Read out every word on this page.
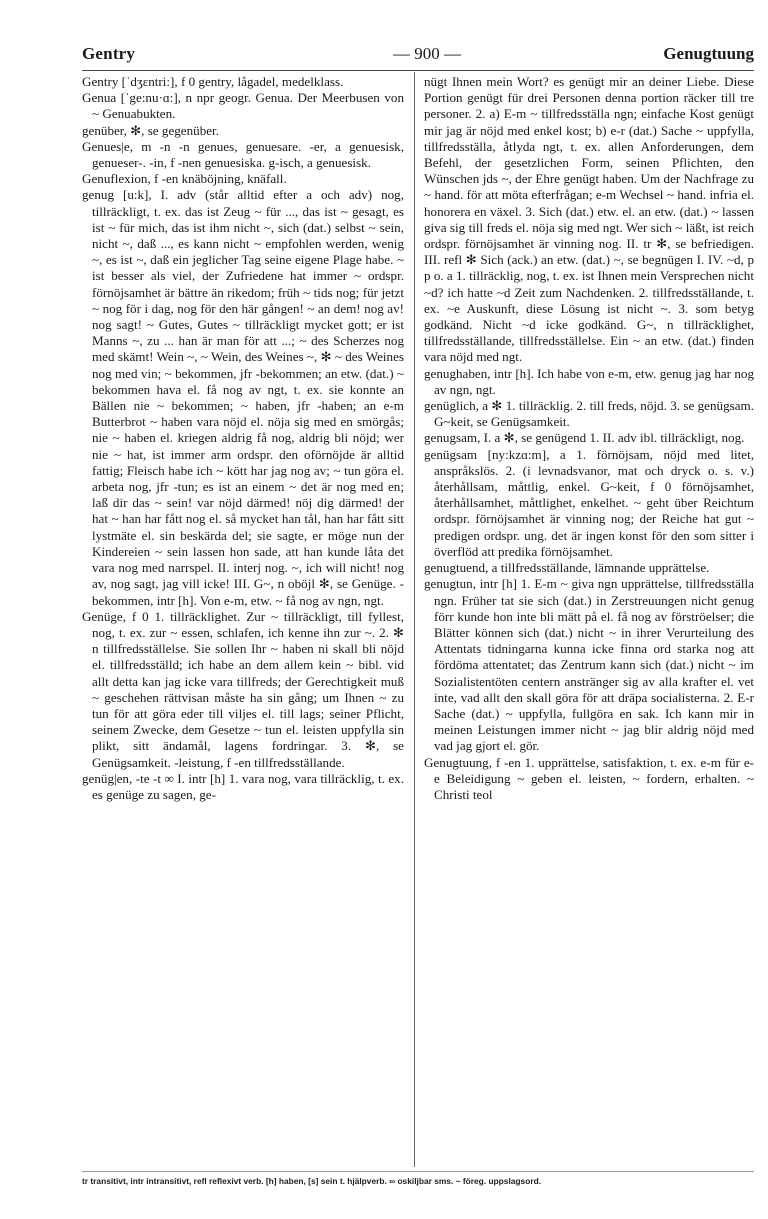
Gentry	— 900 —	Genugtuung

Gentry [ˈdʒɛntri:], f 0 gentry, lågadel, medelklass.

Genua [ˈge:nu·ɑ:], n npr geogr. Genua. Der Meerbusen von ~ Genuabukten.

genüber, ✻, se gegenüber.

Genues|e, m -n -n genues, genuesare. -er, a genuesisk, genueser-. -in, f -nen genuesiska. g-isch, a genuesisk.

Genuflexion, f -en knäböjning, knäfall.

genug [u:k], I. adv (står alltid efter a och adv) nog, tillräckligt, t. ex. das ist Zeug ~ für ..., das ist ~ gesagt, es ist ~ für mich, das ist ihm nicht ~, sich (dat.) selbst ~ sein, nicht ~, daß ..., es kann nicht ~ empfohlen werden, wenig ~, es ist ~, daß ein jeglicher Tag seine eigene Plage habe. ~ ist besser als viel, der Zufriedene hat immer ~ ordspr. förnöjsamhet är bättre än rikedom; früh ~ tids nog; für jetzt ~ nog för i dag, nog för den här gången! ~ an dem! nog av! nog sagt! ~ Gutes, Gutes ~ tillräckligt mycket gott; er ist Manns ~, zu ... han är man för att ...; ~ des Scherzes nog med skämt! Wein ~, ~ Wein, des Weines ~, ✻ ~ des Weines nog med vin; ~ bekommen, jfr -bekommen; an etw. (dat.) ~ bekommen hava el. få nog av ngt, t. ex. sie konnte an Bällen nie ~ bekommen; ~ haben, jfr -haben; an e-m Butterbrot ~ haben vara nöjd el. nöja sig med en smörgås; nie ~ haben el. kriegen aldrig få nog, aldrig bli nöjd; wer nie ~ hat, ist immer arm ordspr. den oförnöjde är alltid fattig; Fleisch habe ich ~ kött har jag nog av; ~ tun göra el. arbeta nog, jfr -tun; es ist an einem ~ det är nog med en; laß dir das ~ sein! var nöjd därmed! nöj dig därmed! der hat ~ han har fått nog el. så mycket han tål, han har fått sitt lystmäte el. sin beskärda del; sie sagte, er möge nun der Kindereien ~ sein lassen hon sade, att han kunde låta det vara nog med narrspel. II. interj nog. ~, ich will nicht! nog av, nog sagt, jag vill icke! III. G~, n oböjl ✻, se Genüge. -bekommen, intr [h]. Von e-m, etw. ~ få nog av ngn, ngt.

Genüge, f 0 1. tillräcklighet. Zur ~ tillräckligt, till fyllest, nog, t. ex. zur ~ essen, schlafen, ich kenne ihn zur ~. 2. ✻ n tillfredsställelse. Sie sollen Ihr ~ haben ni skall bli nöjd el. tillfredsställd; ich habe an dem allem kein ~ bibl. vid allt detta kan jag icke vara tillfreds; der Gerechtigkeit muß ~ geschehen rättvisan måste ha sin gång; um Ihnen ~ zu tun för att göra eder till viljes el. till lags; seiner Pflicht, seinem Zwecke, dem Gesetze ~ tun el. leisten uppfylla sin plikt, sitt ändamål, lagens fordringar. 3. ✻, se Genügsamkeit. -leistung, f -en tillfredsställande.

genüg|en, -te -t ∞ I. intr [h] 1. vara nog, vara tillräcklig, t. ex. es genüge zu sagen, ge-

nügt Ihnen mein Wort? es genügt mir an deiner Liebe. Diese Portion genügt für drei Personen denna portion räcker till tre personer. 2. a) E-m ~ tillfredsställa ngn; einfache Kost genügt mir jag är nöjd med enkel kost; b) e-r (dat.) Sache ~ uppfylla, tillfredsställa, åtlyda ngt, t. ex. allen Anforderungen, dem Befehl, der gesetzlichen Form, seinen Pflichten, den Wünschen jds ~, der Ehre genügt haben. Um der Nachfrage zu ~ hand. för att möta efterfrågan; e-m Wechsel ~ hand. infria el. honorera en växel. 3. Sich (dat.) etw. el. an etw. (dat.) ~ lassen giva sig till freds el. nöja sig med ngt. Wer sich ~ läßt, ist reich ordspr. förnöjsamhet är vinning nog. II. tr ✻, se befriedigen. III. refl ✻ Sich (ack.) an etw. (dat.) ~, se begnügen I. IV. ~d, p p o. a 1. tillräcklig, nog, t. ex. ist Ihnen mein Versprechen nicht ~d? ich hatte ~d Zeit zum Nachdenken. 2. tillfredsställande, t. ex. ~e Auskunft, diese Lösung ist nicht ~. 3. som betyg godkänd. Nicht ~d icke godkänd. G~, n tillräcklighet, tillfredsställande, tillfredsställelse. Ein ~ an etw. (dat.) finden vara nöjd med ngt.

genughaben, intr [h]. Ich habe von e-m, etw. genug jag har nog av ngn, ngt.

genüglich, a ✻ 1. tillräcklig. 2. till freds, nöjd. 3. se genügsam. G~keit, se Genügsamkeit.

genugsam, I. a ✻, se genügend 1. II. adv ibl. tillräckligt, nog.

genügsam [ny:kzɑ:m], a 1. förnöjsam, nöjd med litet, anspråkslös. 2. (i levnadsvanor, mat och dryck o. s. v.) återhållsam, måttlig, enkel. G~keit, f 0 förnöjsamhet, återhållsamhet, måttlighet, enkelhet. ~ geht über Reichtum ordspr. förnöjsamhet är vinning nog; der Reiche hat gut ~ predigen ordspr. ung. det är ingen konst för den som sitter i överflöd att predika förnöjsamhet.

genugtuend, a tillfredsställande, lämnande upprättelse.

genugtun, intr [h] 1. E-m ~ giva ngn upprättelse, tillfredsställa ngn. Früher tat sie sich (dat.) in Zerstreuungen nicht genug förr kunde hon inte bli mätt på el. få nog av förströelser; die Blätter können sich (dat.) nicht ~ in ihrer Verurteilung des Attentats tidningarna kunna icke finna ord starka nog att fördöma attentatet; das Zentrum kann sich (dat.) nicht ~ im Sozialistentöten centern anstränger sig av alla krafter el. vet inte, vad allt den skall göra för att dräpa socialisterna. 2. E-r Sache (dat.) ~ uppfylla, fullgöra en sak. Ich kann mir in meinen Leistungen immer nicht ~ jag blir aldrig nöjd med vad jag gjort el. gör.

Genugtuung, f -en 1. upprättelse, satisfaktion, t. ex. e-m für e-e Beleidigung ~ geben el. leisten, ~ fordern, erhalten. ~ Christi teol

tr transitivt, intr intransitivt, refl reflexivt verb. [h] haben, [s] sein t. hjälpverb. ∞ oskiljbar sms. ~ föreg. uppslagsord.
